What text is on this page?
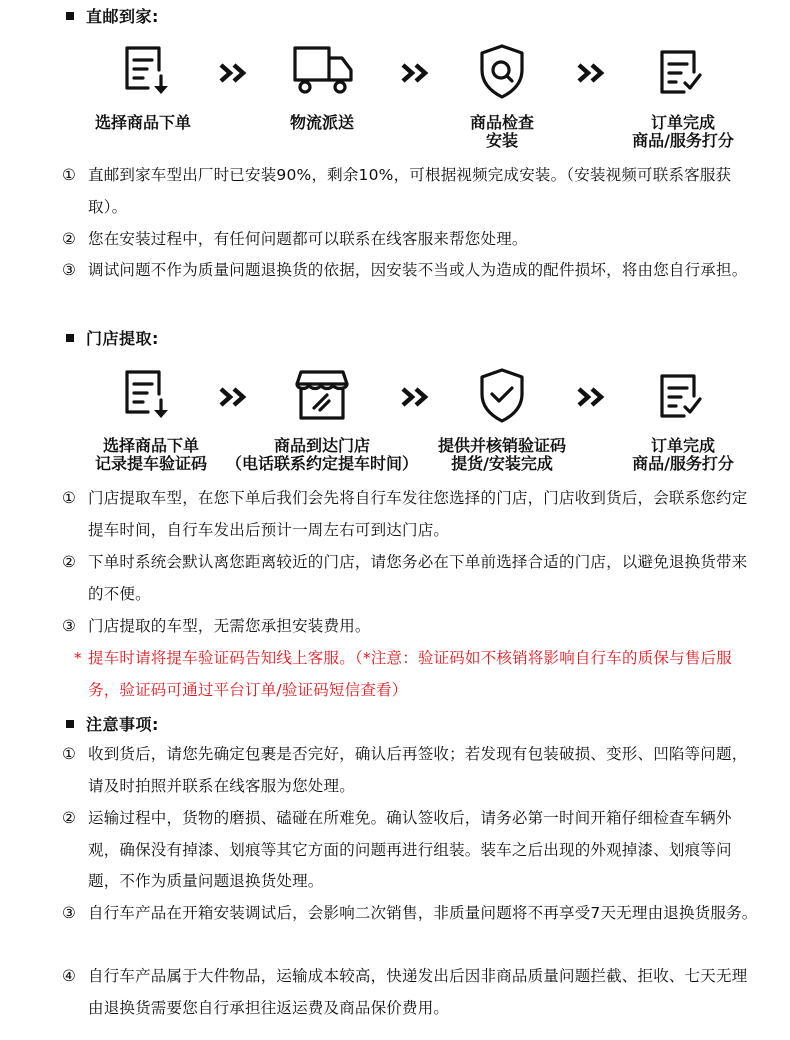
直邮到家:
选择商品下单	物流派送	商品检查
安装
订单完成
商品/服务打分
① 直邮到家车型出厂时已安装90%，剩余10%，可根据视频完成安装。（安装视频可联系客服获取）。
② 您在安装过程中，有任何问题都可以联系在线客服来帮您处理。
③ 调试问题不作为质量问题退换货的依据，因安装不当或人为造成的配件损坏，将由您自行承担。
门店提取:
选择商品下单
记录提车验证码
商品到达门店
（电话联系约定提车时间）
提供并核销验证码
提货/安装完成
订单完成
商品/服务打分
① 门店提取车型，在您下单后我们会先将自行车发往您选择的门店，门店收到货后，会联系您约定提车时间，自行车发出后预计一周左右可到达门店。
② 下单时系统会默认离您距离较近的门店，请您务必在下单前选择合适的门店，以避免退换货带来的不便。
③ 门店提取的车型，无需您承担安装费用。
* 提车时请将提车验证码告知线上客服。（*注意：验证码如不核销将影响自行车的质保与售后服务，验证码可通过平台订单/验证码短信查看）
注意事项:
① 收到货后，请您先确定包裹是否完好，确认后再签收；若发现有包装破损、变形、凹陷等问题，请及时拍照并联系在线客服为您处理。
② 运输过程中，货物的磨损、磕碰在所难免。确认签收后，请务必第一时间开箱仔细检查车辆外观，确保没有掉漆、划痕等其它方面的问题再进行组装。装车之后出现的外观掉漆、划痕等问题，不作为质量问题退换货处理。
③ 自行车产品在开箱安装调试后，会影响二次销售，非质量问题将不再享受7天无理由退换货服务。
④ 自行车产品属于大件物品，运输成本较高，快递发出后因非商品质量问题拦截、拒收、七天无理由退换货需要您自行承担往返运费及商品保价费用。
